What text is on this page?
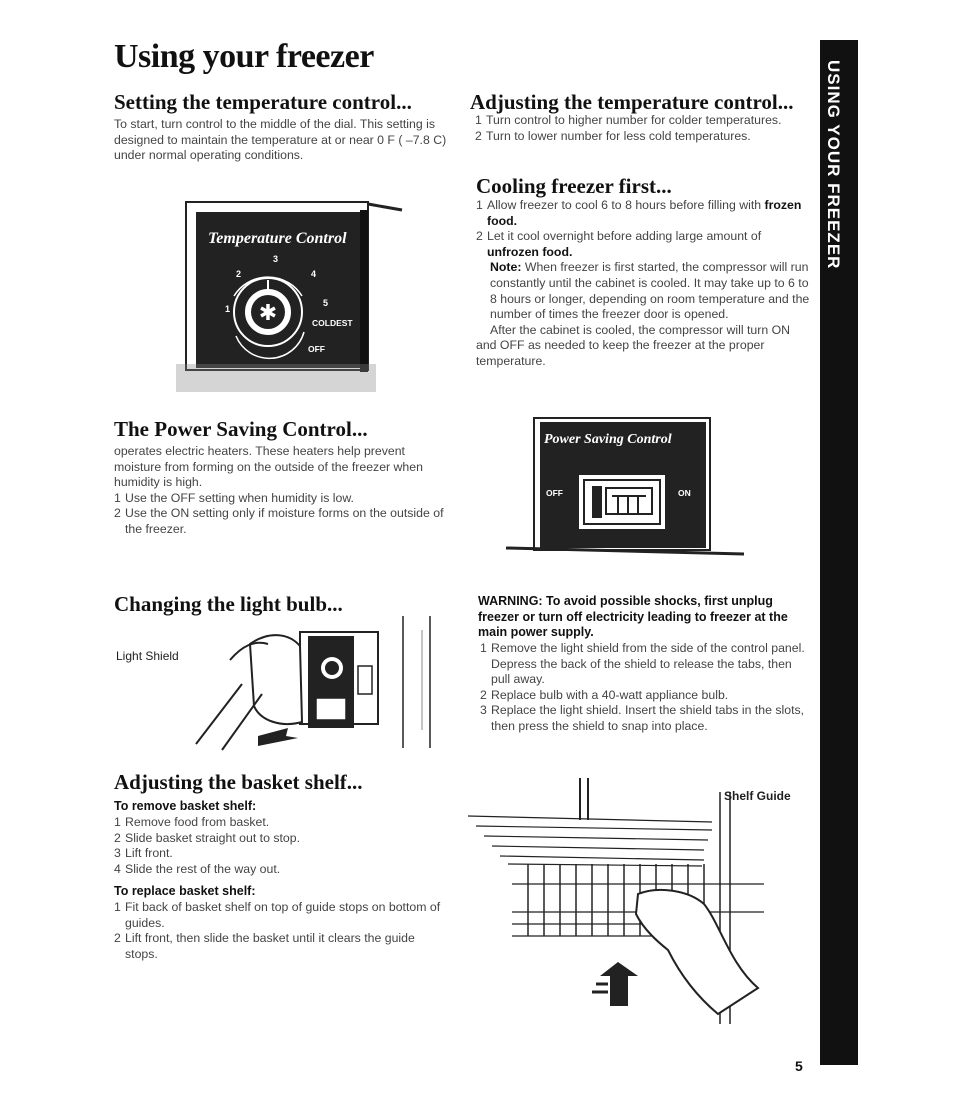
Using your freezer
USING YOUR FREEZER
Setting the temperature control...

To start, turn control to the middle of the dial. This setting is designed to maintain the temperature at or near 0 F ( –7.8 C) under normal operating conditions.

✱
Temperature Control
1
2
3
4
5
COLDEST
OFF
Adjusting the temperature control...
1 Turn control to higher number for colder temperatures.
2 Turn to lower number for less cold temperatures.
Cooling freezer first...
1 Allow freezer to cool 6 to 8 hours before filling with frozen food.
2 Let it cool overnight before adding large amount of unfrozen food.
Note: When freezer is first started, the compressor will run constantly until the cabinet is cooled. It may take up to 6 to 8 hours or longer, depending on room temperature and the number of times the freezer door is opened.
After the cabinet is cooled, the compressor will turn ON and OFF as needed to keep the freezer at the proper temperature.
The Power Saving Control...
operates electric heaters. These heaters help prevent moisture from forming on the outside of the freezer when humidity is high.
1 Use the OFF setting when humidity is low.
2 Use the ON setting only if moisture forms on the outside of the freezer.
Power Saving Control
OFF	ON
Changing the light bulb...
Light Shield
WARNING: To avoid possible shocks, first unplug freezer or turn off electricity leading to freezer at the main power supply.
1 Remove the light shield from the side of the control panel. Depress the back of the shield to release the tabs, then pull away.
2 Replace bulb with a 40-watt appliance bulb.
3 Replace the light shield. Insert the shield tabs in the slots, then press the shield to snap into place.
Adjusting the basket shelf...
To remove basket shelf:
1 Remove food from basket.
2 Slide basket straight out to stop.
3 Lift front.
4 Slide the rest of the way out.
To replace basket shelf:
1 Fit back of basket shelf on top of guide stops on bottom of guides.
2 Lift front, then slide the basket until it clears the guide stops.
Shelf Guide
5
